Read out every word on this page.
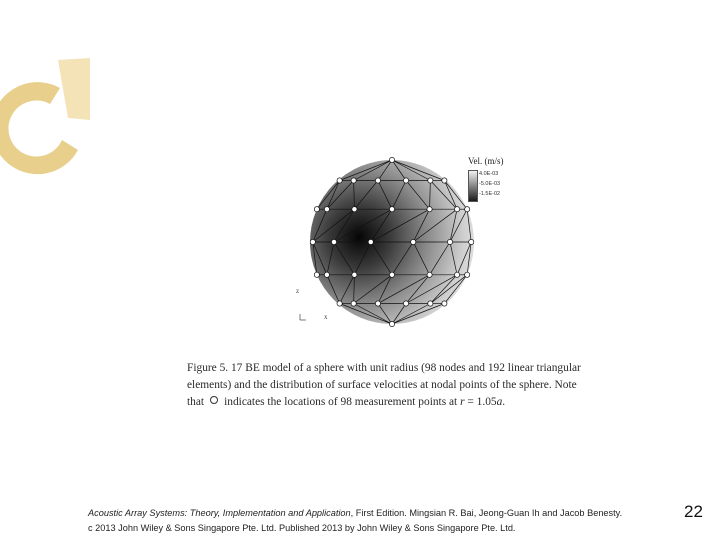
z
x
Vel. (m/s)
4.0E-03
-5.0E-03
-1.5E-02
Figure 5. 17 BE model of a sphere with unit radius (98 nodes and 192 linear triangular
elements) and the distribution of surface velocities at nodal points of the sphere. Note
that indicates the locations of 98 measurement points at r = 1.05a.
Acoustic Array Systems: Theory, Implementation and Application, First Edition. Mingsian R. Bai, Jeong-Guan Ih and Jacob Benesty.
c 2013 John Wiley & Sons Singapore Pte. Ltd. Published 2013 by John Wiley & Sons Singapore Pte. Ltd.
22
